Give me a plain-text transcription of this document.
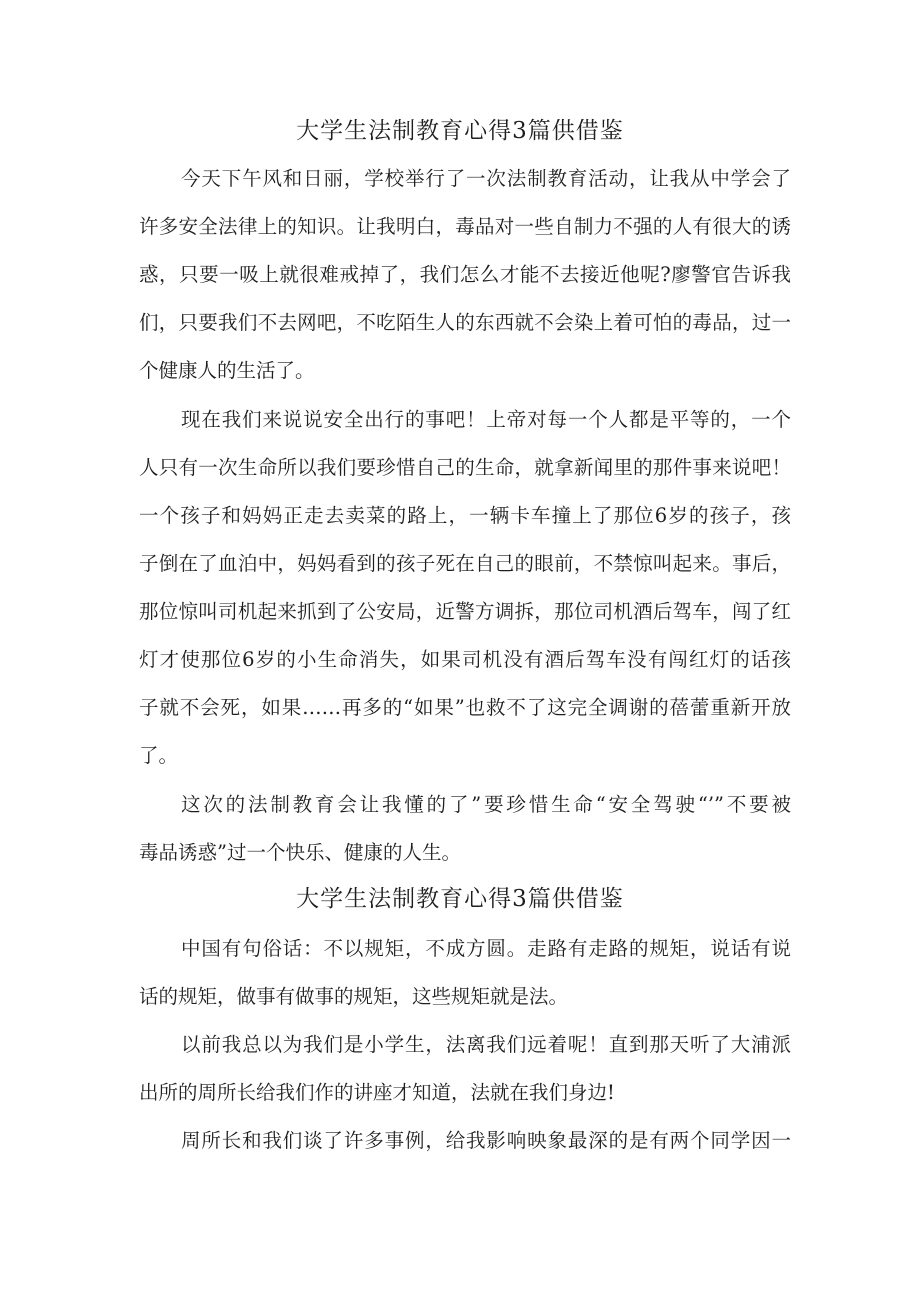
大学生法制教育心得3篇供借鉴
今天下午风和日丽，学校举行了一次法制教育活动，让我从中学会了
许多安全法律上的知识。让我明白，毒品对一些自制力不强的人有很大的诱
惑，只要一吸上就很难戒掉了，我们怎么才能不去接近他呢?廖警官告诉我
们，只要我们不去网吧，不吃陌生人的东西就不会染上着可怕的毒品，过一
个健康人的生活了。
现在我们来说说安全出行的事吧！上帝对每一个人都是平等的，一个
人只有一次生命所以我们要珍惜自己的生命，就拿新闻里的那件事来说吧！
一个孩子和妈妈正走去卖菜的路上，一辆卡车撞上了那位6岁的孩子，孩
子倒在了血泊中，妈妈看到的孩子死在自己的眼前，不禁惊叫起来。事后，
那位惊叫司机起来抓到了公安局，近警方调拆，那位司机酒后驾车，闯了红
灯才使那位6岁的小生命消失，如果司机没有酒后驾车没有闯红灯的话孩
子就不会死，如果……再多的“如果”也救不了这完全调谢的蓓蕾重新开放
了。
这次的法制教育会让我懂的了”要珍惜生命“安全驾驶“’”不要被
毒品诱惑”过一个快乐、健康的人生。
大学生法制教育心得3篇供借鉴
中国有句俗话：不以规矩，不成方圆。走路有走路的规矩，说话有说
话的规矩，做事有做事的规矩，这些规矩就是法。
以前我总以为我们是小学生，法离我们远着呢！直到那天听了大浦派
出所的周所长给我们作的讲座才知道，法就在我们身边!
周所长和我们谈了许多事例，给我影响映象最深的是有两个同学因一
